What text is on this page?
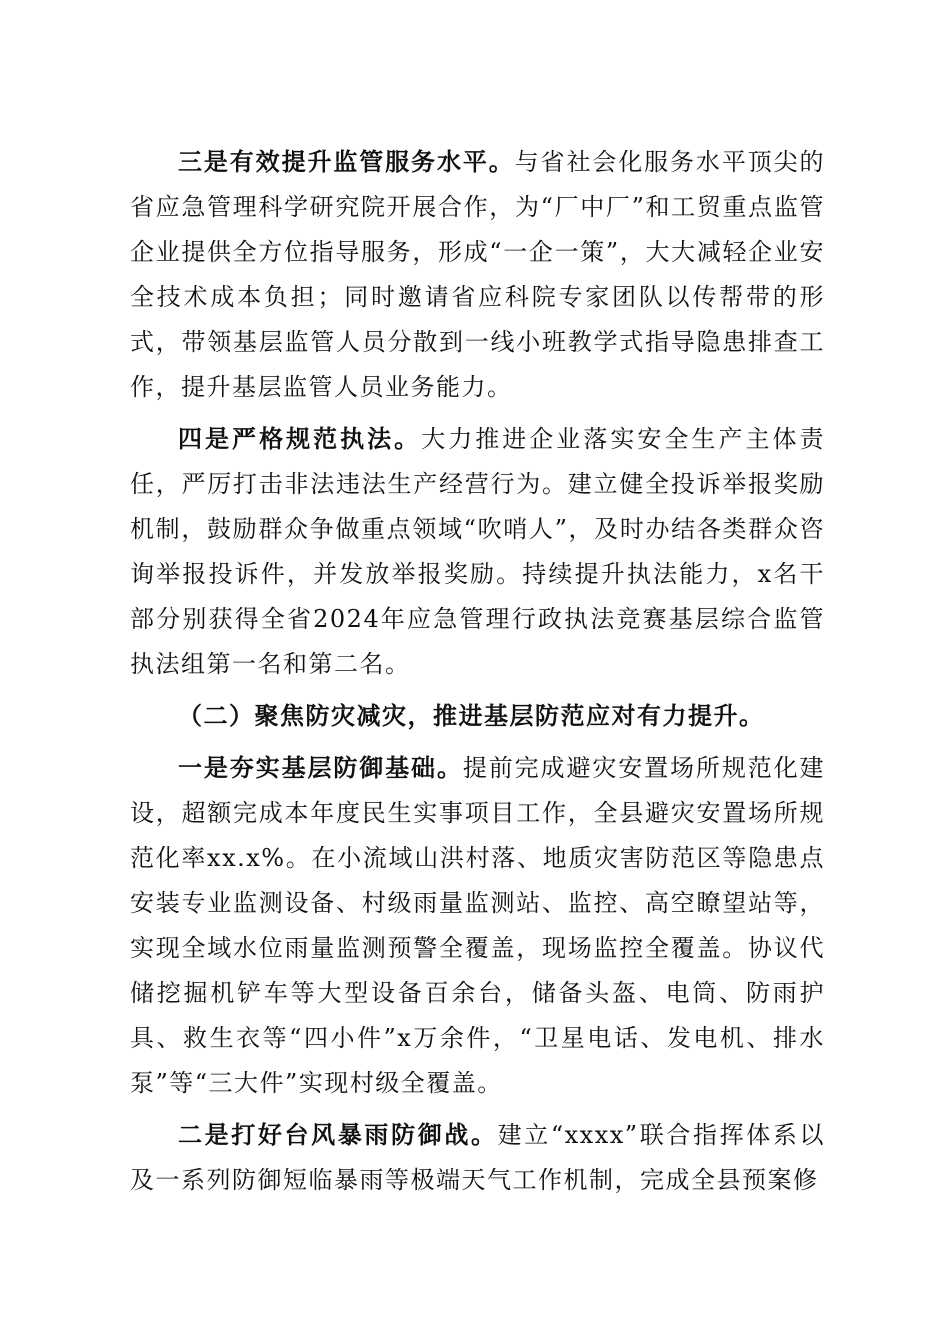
三是有效提升监管服务水平。与省社会化服务水平顶尖的省应急管理科学研究院开展合作，为“厂中厂”和工贸重点监管企业提供全方位指导服务，形成“一企一策”，大大减轻企业安全技术成本负担；同时邀请省应科院专家团队以传帮带的形式，带领基层监管人员分散到一线小班教学式指导隐患排查工作，提升基层监管人员业务能力。

四是严格规范执法。大力推进企业落实安全生产主体责任，严厉打击非法违法生产经营行为。建立健全投诉举报奖励机制，鼓励群众争做重点领域“吹哨人”，及时办结各类群众咨询举报投诉件，并发放举报奖励。持续提升执法能力，x名干部分别获得全省2024年应急管理行政执法竞赛基层综合监管执法组第一名和第二名。

（二）聚焦防灾减灾，推进基层防范应对有力提升。

一是夯实基层防御基础。提前完成避灾安置场所规范化建设，超额完成本年度民生实事项目工作，全县避灾安置场所规范化率xx.x%。在小流域山洪村落、地质灾害防范区等隐患点安装专业监测设备、村级雨量监测站、监控、高空瞭望站等，实现全域水位雨量监测预警全覆盖，现场监控全覆盖。协议代储挖掘机铲车等大型设备百余台，储备头盔、电筒、防雨护具、救生衣等“四小件”x万余件，“卫星电话、发电机、排水泵”等“三大件”实现村级全覆盖。

二是打好台风暴雨防御战。建立“xxxx”联合指挥体系以及一系列防御短临暴雨等极端天气工作机制，完成全县预案修
